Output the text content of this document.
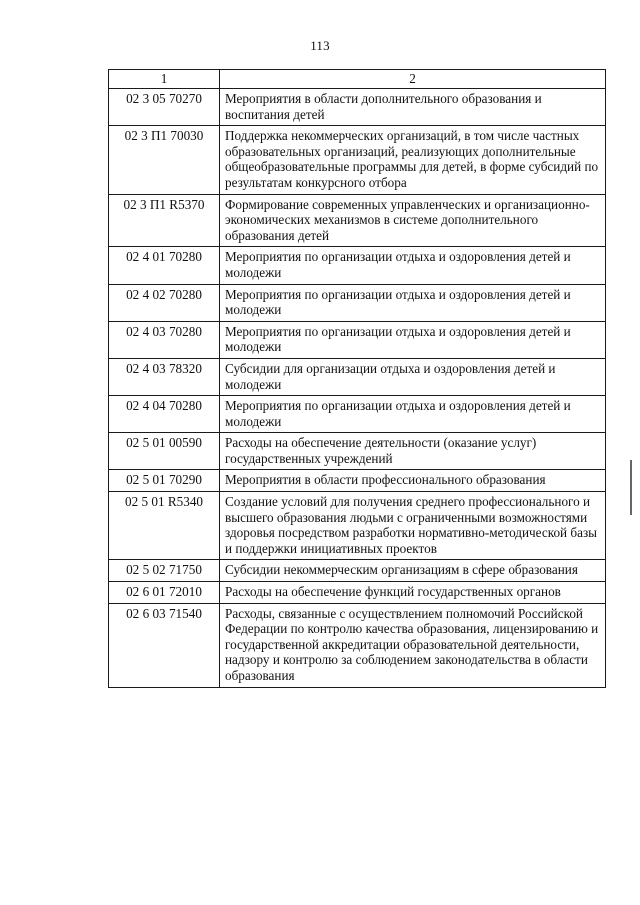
113
1	2
02 3 05 70270	Мероприятия в области дополнительного образования и воспитания детей
02 3 П1 70030	Поддержка некоммерческих организаций, в том числе частных образовательных организаций, реализующих дополнительные общеобразовательные программы для детей, в форме субсидий по результатам конкурсного отбора
02 3 П1 R5370	Формирование современных управленческих и организационно-экономических механизмов в системе дополнительного образования детей
02 4 01 70280	Мероприятия по организации отдыха и оздоровления детей и молодежи
02 4 02 70280	Мероприятия по организации отдыха и оздоровления детей и молодежи
02 4 03 70280	Мероприятия по организации отдыха и оздоровления детей и молодежи
02 4 03 78320	Субсидии для организации отдыха и оздоровления детей и молодежи
02 4 04 70280	Мероприятия по организации отдыха и оздоровления детей и молодежи
02 5 01 00590	Расходы на обеспечение деятельности (оказание услуг) государственных учреждений
02 5 01 70290	Мероприятия в области профессионального образования
02 5 01 R5340	Создание условий для получения среднего профессионального и высшего образования людьми с ограниченными возможностями здоровья посредством разработки нормативно-методической базы и поддержки инициативных проектов
02 5 02 71750	Субсидии некоммерческим организациям в сфере образования
02 6 01 72010	Расходы на обеспечение функций государственных органов
02 6 03 71540	Расходы, связанные с осуществлением полномочий Российской Федерации по контролю качества образования, лицензированию и государственной аккредитации образовательной деятельности, надзору и контролю за соблюдением законодательства в области образования
